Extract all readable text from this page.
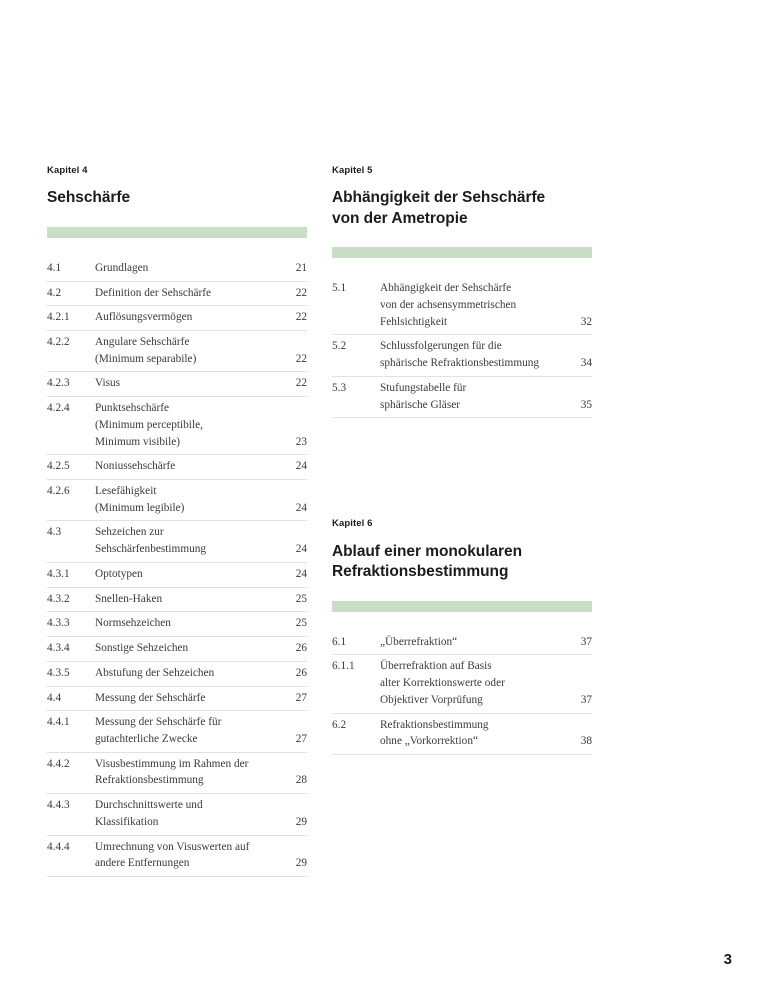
Kapitel 4
Sehschärfe
4.1	Grundlagen	21
4.2	Definition der Sehschärfe	22
4.2.1	Auflösungsvermögen	22
4.2.2	Angulare Sehschärfe
(Minimum separabile)	22
4.2.3	Visus	22
4.2.4	Punktsehschärfe
(Minimum perceptibile,
Minimum visibile)	23
4.2.5	Noniussehschärfe	24
4.2.6	Lesefähigkeit
(Minimum legibile)	24
4.3	Sehzeichen zur
Sehschärfenbestimmung	24
4.3.1	Optotypen	24
4.3.2	Snellen-Haken	25
4.3.3	Normsehzeichen	25
4.3.4	Sonstige Sehzeichen	26
4.3.5	Abstufung der Sehzeichen	26
4.4	Messung der Sehschärfe	27
4.4.1	Messung der Sehschärfe für
gutachterliche Zwecke	27
4.4.2	Visusbestimmung im Rahmen der
Refraktionsbestimmung	28
4.4.3	Durchschnittswerte und
Klassifikation	29
4.4.4	Umrechnung von Visuswerten auf
andere Entfernungen	29
Kapitel 5
Abhängigkeit der Sehschärfe
von der Ametropie
5.1	Abhängigkeit der Sehschärfe
von der achsensymmetrischen
Fehlsichtigkeit	32
5.2	Schlussfolgerungen für die
sphärische Refraktionsbestimmung	34
5.3	Stufungstabelle für
sphärische Gläser	35
Kapitel 6
Ablauf einer monokularen
Refraktionsbestimmung
6.1	„Überrefraktion“	37
6.1.1	Überrefraktion auf Basis
alter Korrektionswerte oder
Objektiver Vorprüfung	37
6.2	Refraktionsbestimmung
ohne „Vorkorrektion“	38
3
